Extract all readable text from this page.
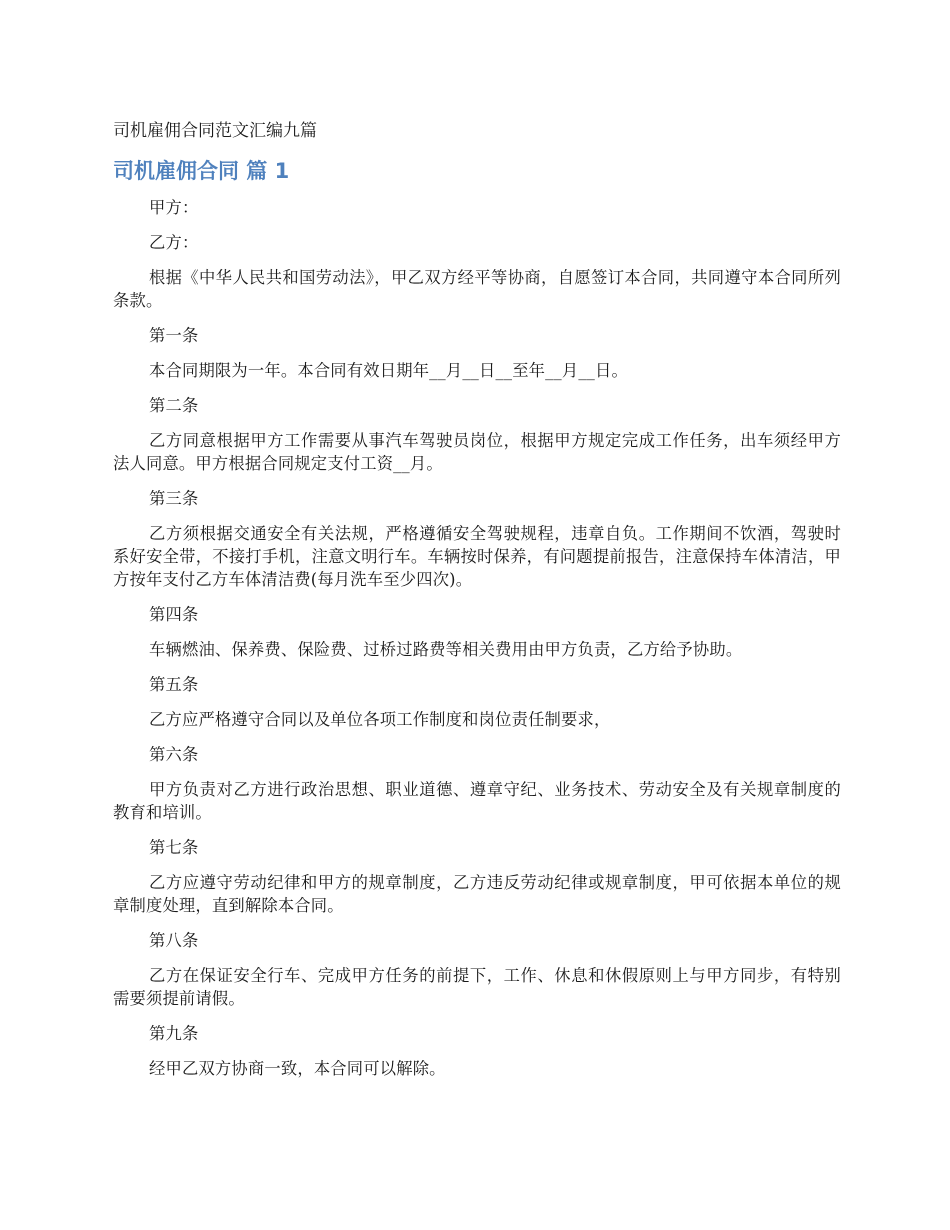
司机雇佣合同范文汇编九篇
司机雇佣合同 篇 1

甲方：

乙方：

根据《中华人民共和国劳动法》，甲乙双方经平等协商，自愿签订本合同，共同遵守本合同所列条款。

第一条

本合同期限为一年。本合同有效日期年__月__日__至年__月__日。

第二条

乙方同意根据甲方工作需要从事汽车驾驶员岗位，根据甲方规定完成工作任务，出车须经甲方法人同意。甲方根据合同规定支付工资__月。

第三条

乙方须根据交通安全有关法规，严格遵循安全驾驶规程，违章自负。工作期间不饮酒，驾驶时系好安全带，不接打手机，注意文明行车。车辆按时保养，有问题提前报告，注意保持车体清洁，甲方按年支付乙方车体清洁费(每月洗车至少四次)。

第四条

车辆燃油、保养费、保险费、过桥过路费等相关费用由甲方负责，乙方给予协助。

第五条

乙方应严格遵守合同以及单位各项工作制度和岗位责任制要求，

第六条

甲方负责对乙方进行政治思想、职业道德、遵章守纪、业务技术、劳动安全及有关规章制度的教育和培训。

第七条

乙方应遵守劳动纪律和甲方的规章制度，乙方违反劳动纪律或规章制度，甲可依据本单位的规章制度处理，直到解除本合同。

第八条

乙方在保证安全行车、完成甲方任务的前提下，工作、休息和休假原则上与甲方同步，有特别需要须提前请假。

第九条

经甲乙双方协商一致，本合同可以解除。
